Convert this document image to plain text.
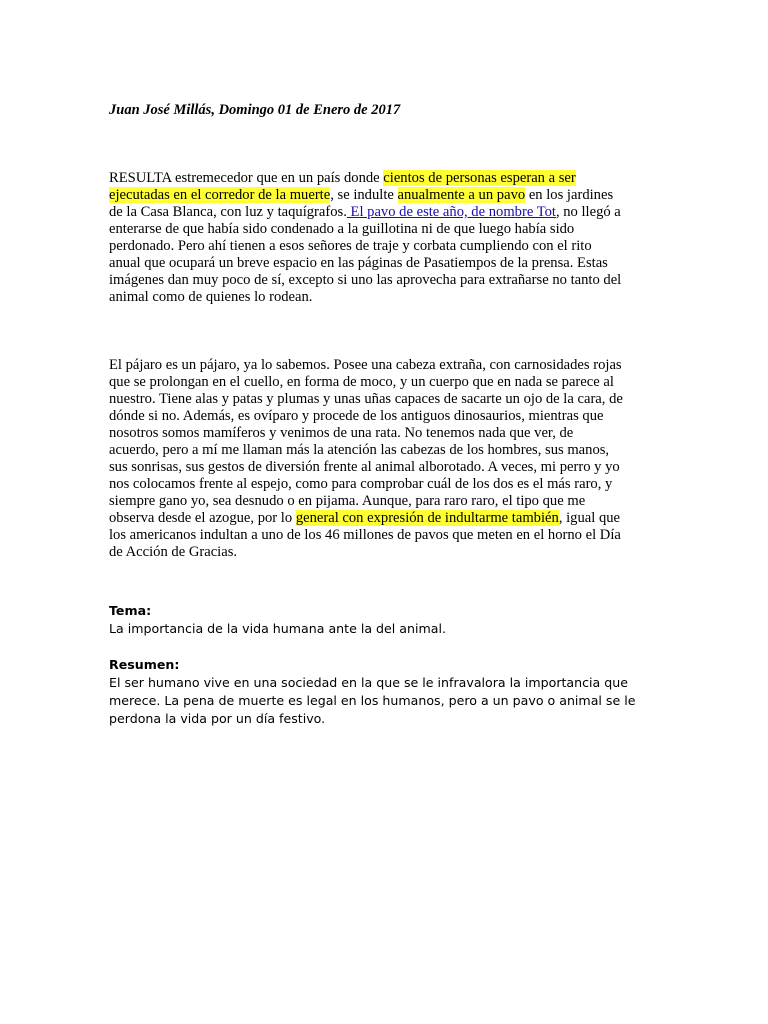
Juan José Millás, Domingo 01 de Enero de 2017
RESULTA estremecedor que en un país donde cientos de personas esperan a ser
ejecutadas en el corredor de la muerte, se indulte anualmente a un pavo en los jardines
de la Casa Blanca, con luz y taquígrafos. El pavo de este año, de nombre Tot, no llegó a
enterarse de que había sido condenado a la guillotina ni de que luego había sido
perdonado. Pero ahí tienen a esos señores de traje y corbata cumpliendo con el rito
anual que ocupará un breve espacio en las páginas de Pasatiempos de la prensa. Estas
imágenes dan muy poco de sí, excepto si uno las aprovecha para extrañarse no tanto del
animal como de quienes lo rodean.
El pájaro es un pájaro, ya lo sabemos. Posee una cabeza extraña, con carnosidades rojas
que se prolongan en el cuello, en forma de moco, y un cuerpo que en nada se parece al
nuestro. Tiene alas y patas y plumas y unas uñas capaces de sacarte un ojo de la cara, de
dónde si no. Además, es ovíparo y procede de los antiguos dinosaurios, mientras que
nosotros somos mamíferos y venimos de una rata. No tenemos nada que ver, de
acuerdo, pero a mí me llaman más la atención las cabezas de los hombres, sus manos,
sus sonrisas, sus gestos de diversión frente al animal alborotado. A veces, mi perro y yo
nos colocamos frente al espejo, como para comprobar cuál de los dos es el más raro, y
siempre gano yo, sea desnudo o en pijama. Aunque, para raro raro, el tipo que me
observa desde el azogue, por lo general con expresión de indultarme también, igual que
los americanos indultan a uno de los 46 millones de pavos que meten en el horno el Día
de Acción de Gracias.
Tema:
La importancia de la vida humana ante la del animal.
Resumen:
El ser humano vive en una sociedad en la que se le infravalora la importancia que
merece. La pena de muerte es legal en los humanos, pero a un pavo o animal se le
perdona la vida por un día festivo.
